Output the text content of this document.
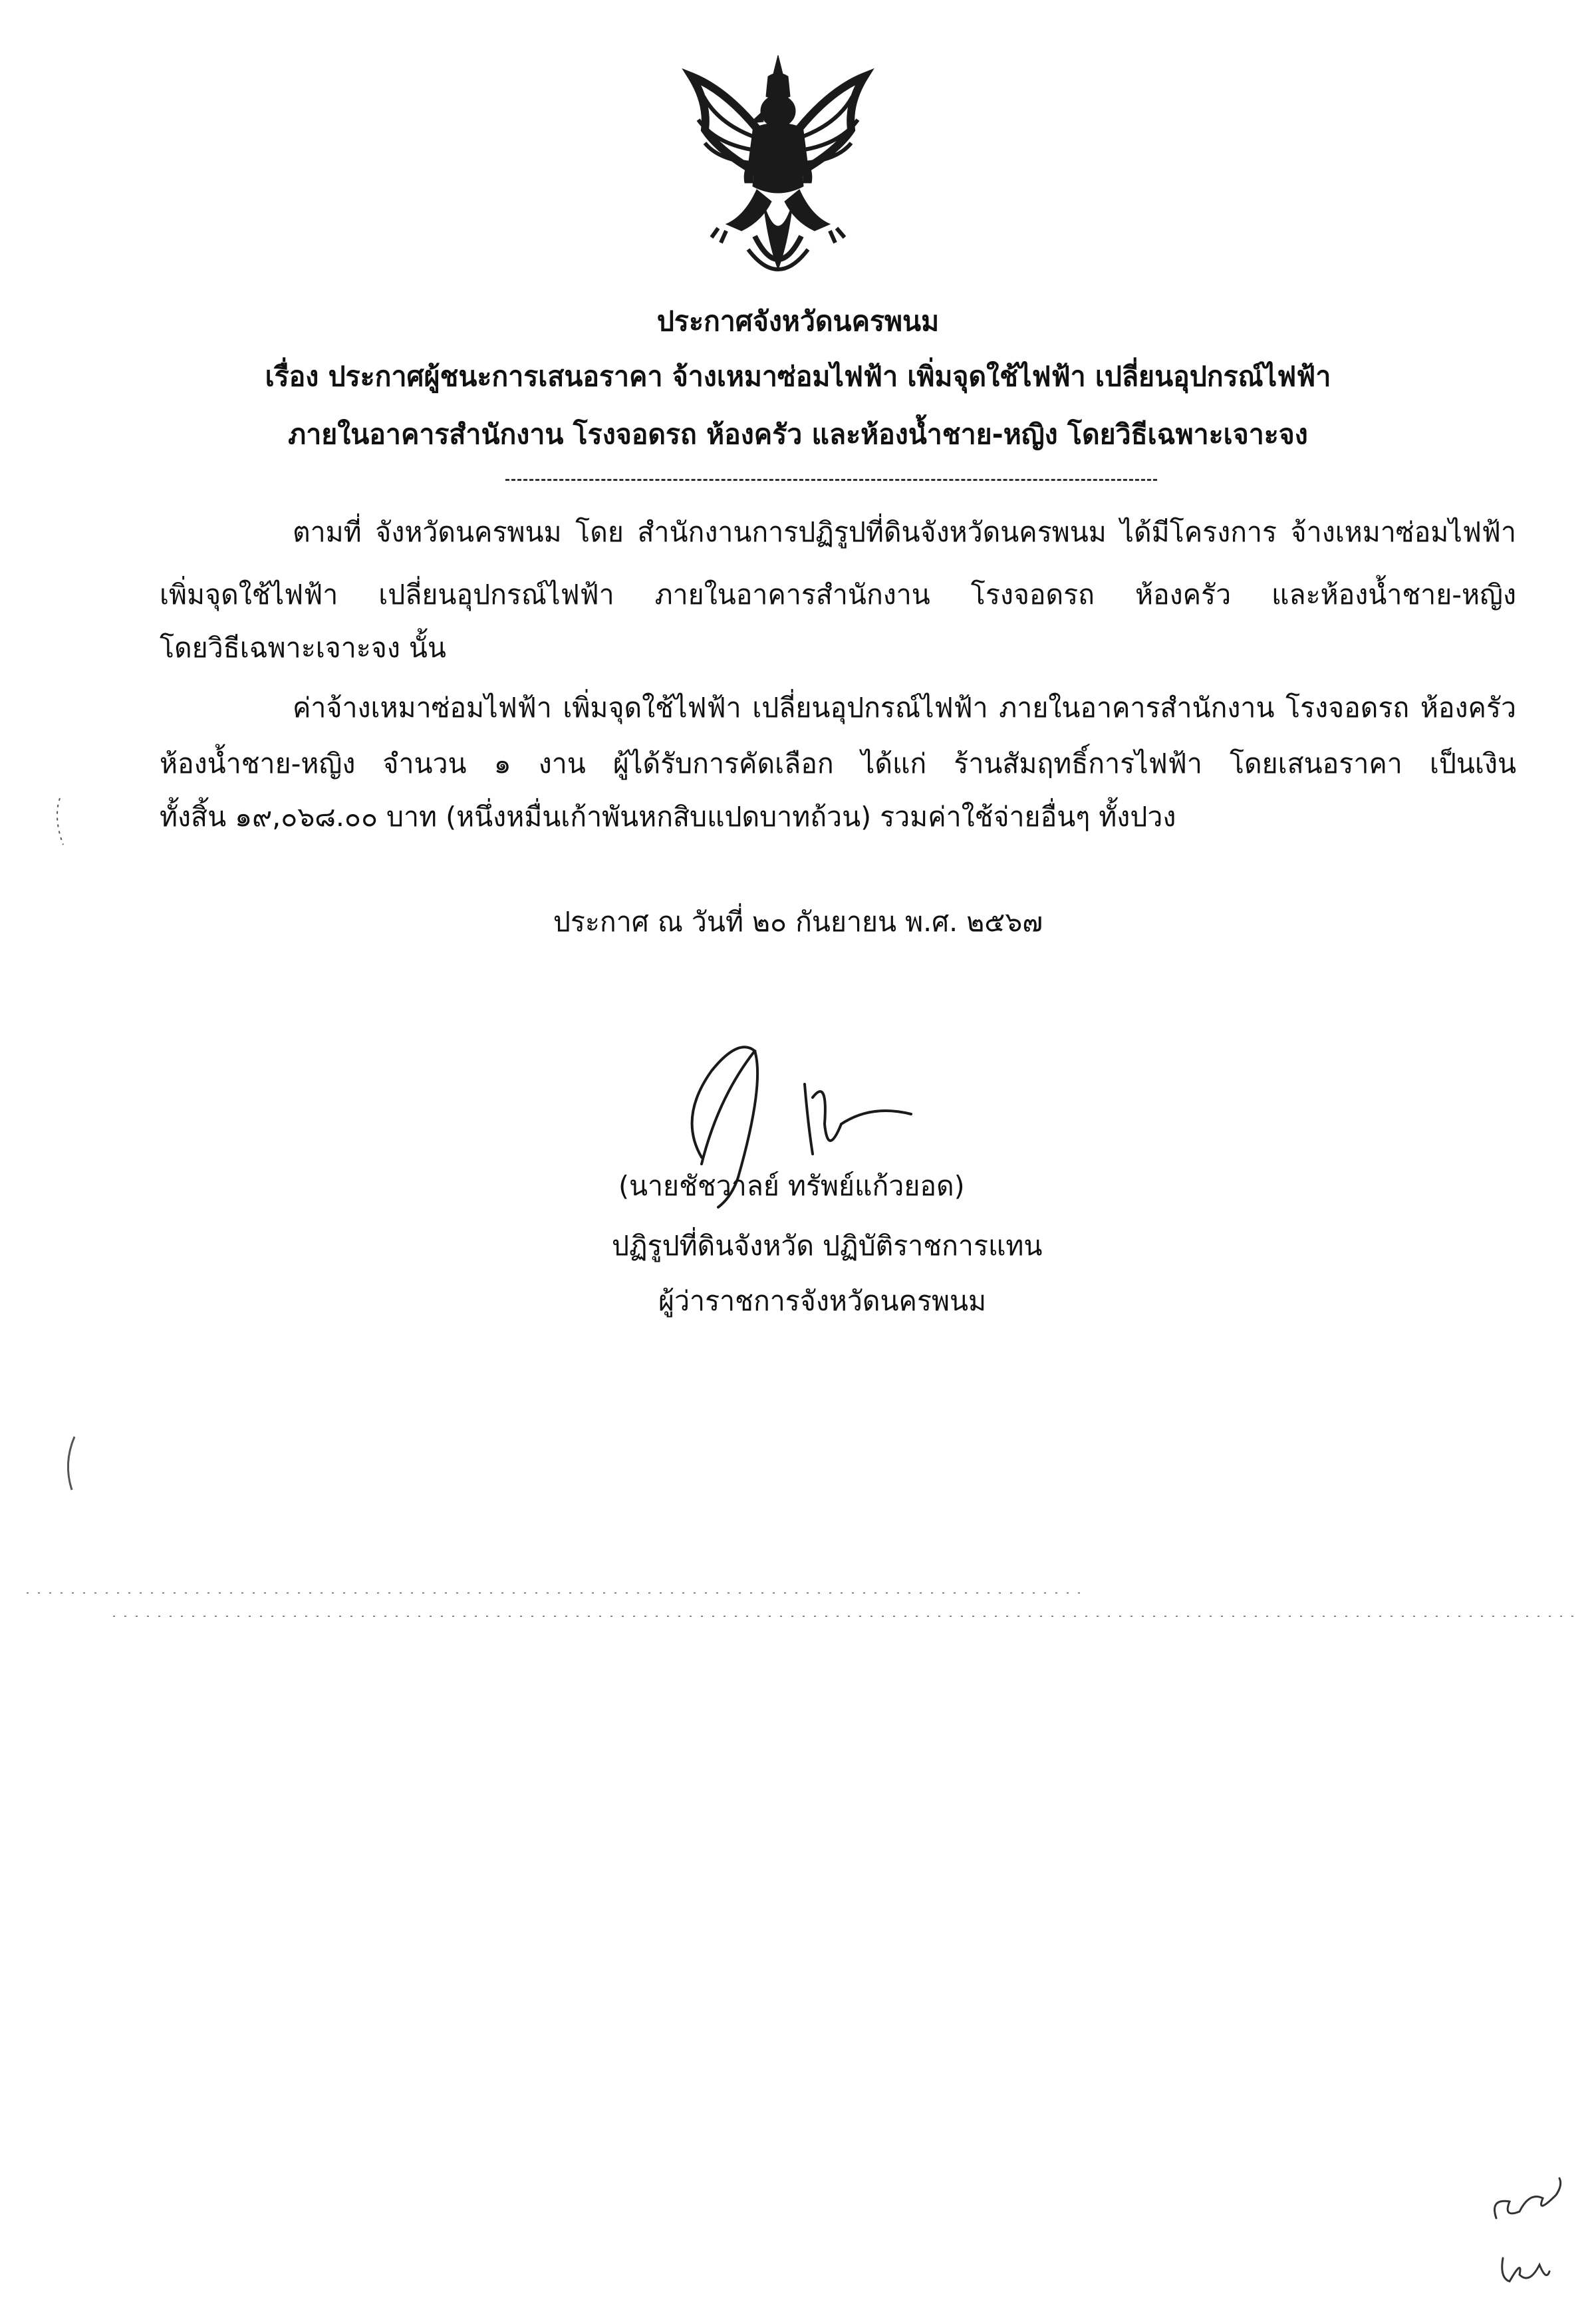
ประกาศจังหวัดนครพนม
เรื่อง ประกาศผู้ชนะการเสนอราคา จ้างเหมาซ่อมไฟฟ้า เพิ่มจุดใช้ไฟฟ้า เปลี่ยนอุปกรณ์ไฟฟ้า
ภายในอาคารสำนักงาน โรงจอดรถ ห้องครัว และห้องน้ำชาย-หญิง โดยวิธีเฉพาะเจาะจง
ตามที่ จังหวัดนครพนม โดย สำนักงานการปฏิรูปที่ดินจังหวัดนครพนม ได้มีโครงการ จ้างเหมาซ่อมไฟฟ้า
เพิ่มจุดใช้ไฟฟ้า เปลี่ยนอุปกรณ์ไฟฟ้า ภายในอาคารสำนักงาน โรงจอดรถ ห้องครัว และห้องน้ำชาย-หญิง
โดยวิธีเฉพาะเจาะจง นั้น
ค่าจ้างเหมาซ่อมไฟฟ้า เพิ่มจุดใช้ไฟฟ้า เปลี่ยนอุปกรณ์ไฟฟ้า ภายในอาคารสำนักงาน โรงจอดรถ ห้องครัว
ห้องน้ำชาย-หญิง จำนวน ๑ งาน ผู้ได้รับการคัดเลือก ได้แก่ ร้านสัมฤทธิ์การไฟฟ้า โดยเสนอราคา เป็นเงิน
ทั้งสิ้น ๑๙,๐๖๘.๐๐ บาท (หนึ่งหมื่นเก้าพันหกสิบแปดบาทถ้วน) รวมค่าใช้จ่ายอื่นๆ ทั้งปวง
ประกาศ ณ วันที่ ๒๐ กันยายน พ.ศ. ๒๕๖๗
(นายชัชวาลย์ ทรัพย์แก้วยอด)
ปฏิรูปที่ดินจังหวัด ปฏิบัติราชการแทน
ผู้ว่าราชการจังหวัดนครพนม
